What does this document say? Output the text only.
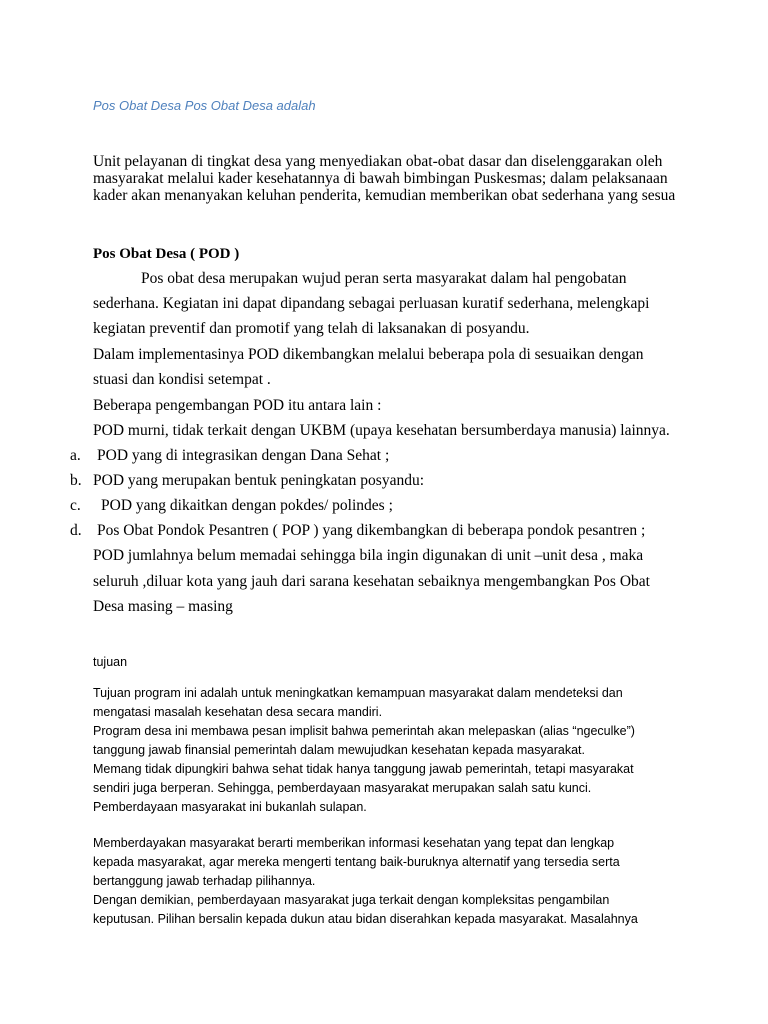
Pos Obat Desa Pos Obat Desa adalah
Unit pelayanan di tingkat desa yang menyediakan obat-obat dasar dan diselenggarakan oleh
masyarakat melalui kader kesehatannya di bawah bimbingan Puskesmas; dalam pelaksanaan
kader akan menanyakan keluhan penderita, kemudian memberikan obat sederhana yang sesua
Pos Obat Desa ( POD )
Pos obat desa merupakan wujud peran serta masyarakat dalam hal pengobatan
sederhana. Kegiatan ini dapat dipandang sebagai perluasan kuratif sederhana, melengkapi
kegiatan preventif dan promotif yang telah di laksanakan di posyandu.
Dalam implementasinya POD dikembangkan melalui beberapa pola di sesuaikan dengan
stuasi dan kondisi setempat .
Beberapa pengembangan POD itu antara lain :
POD murni, tidak terkait dengan UKBM (upaya kesehatan bersumberdaya manusia) lainnya.
a. POD yang di integrasikan dengan Dana Sehat ;
b. POD yang merupakan bentuk peningkatan posyandu:
c. POD yang dikaitkan dengan pokdes/ polindes ;
d. Pos Obat Pondok Pesantren ( POP ) yang dikembangkan di beberapa pondok pesantren ;
POD jumlahnya belum memadai sehingga bila ingin digunakan di unit –unit desa , maka
seluruh ,diluar kota yang jauh dari sarana kesehatan sebaiknya mengembangkan Pos Obat
Desa masing – masing
tujuan
Tujuan program ini adalah untuk meningkatkan kemampuan masyarakat dalam mendeteksi dan
mengatasi masalah kesehatan desa secara mandiri.
Program desa ini membawa pesan implisit bahwa pemerintah akan melepaskan (alias “ngeculke”)
tanggung jawab finansial pemerintah dalam mewujudkan kesehatan kepada masyarakat.
Memang tidak dipungkiri bahwa sehat tidak hanya tanggung jawab pemerintah, tetapi masyarakat
sendiri juga berperan. Sehingga, pemberdayaan masyarakat merupakan salah satu kunci.
Pemberdayaan masyarakat ini bukanlah sulapan.
Memberdayakan masyarakat berarti memberikan informasi kesehatan yang tepat dan lengkap
kepada masyarakat, agar mereka mengerti tentang baik-buruknya alternatif yang tersedia serta
bertanggung jawab terhadap pilihannya.
Dengan demikian, pemberdayaan masyarakat juga terkait dengan kompleksitas pengambilan
keputusan. Pilihan bersalin kepada dukun atau bidan diserahkan kepada masyarakat. Masalahnya
